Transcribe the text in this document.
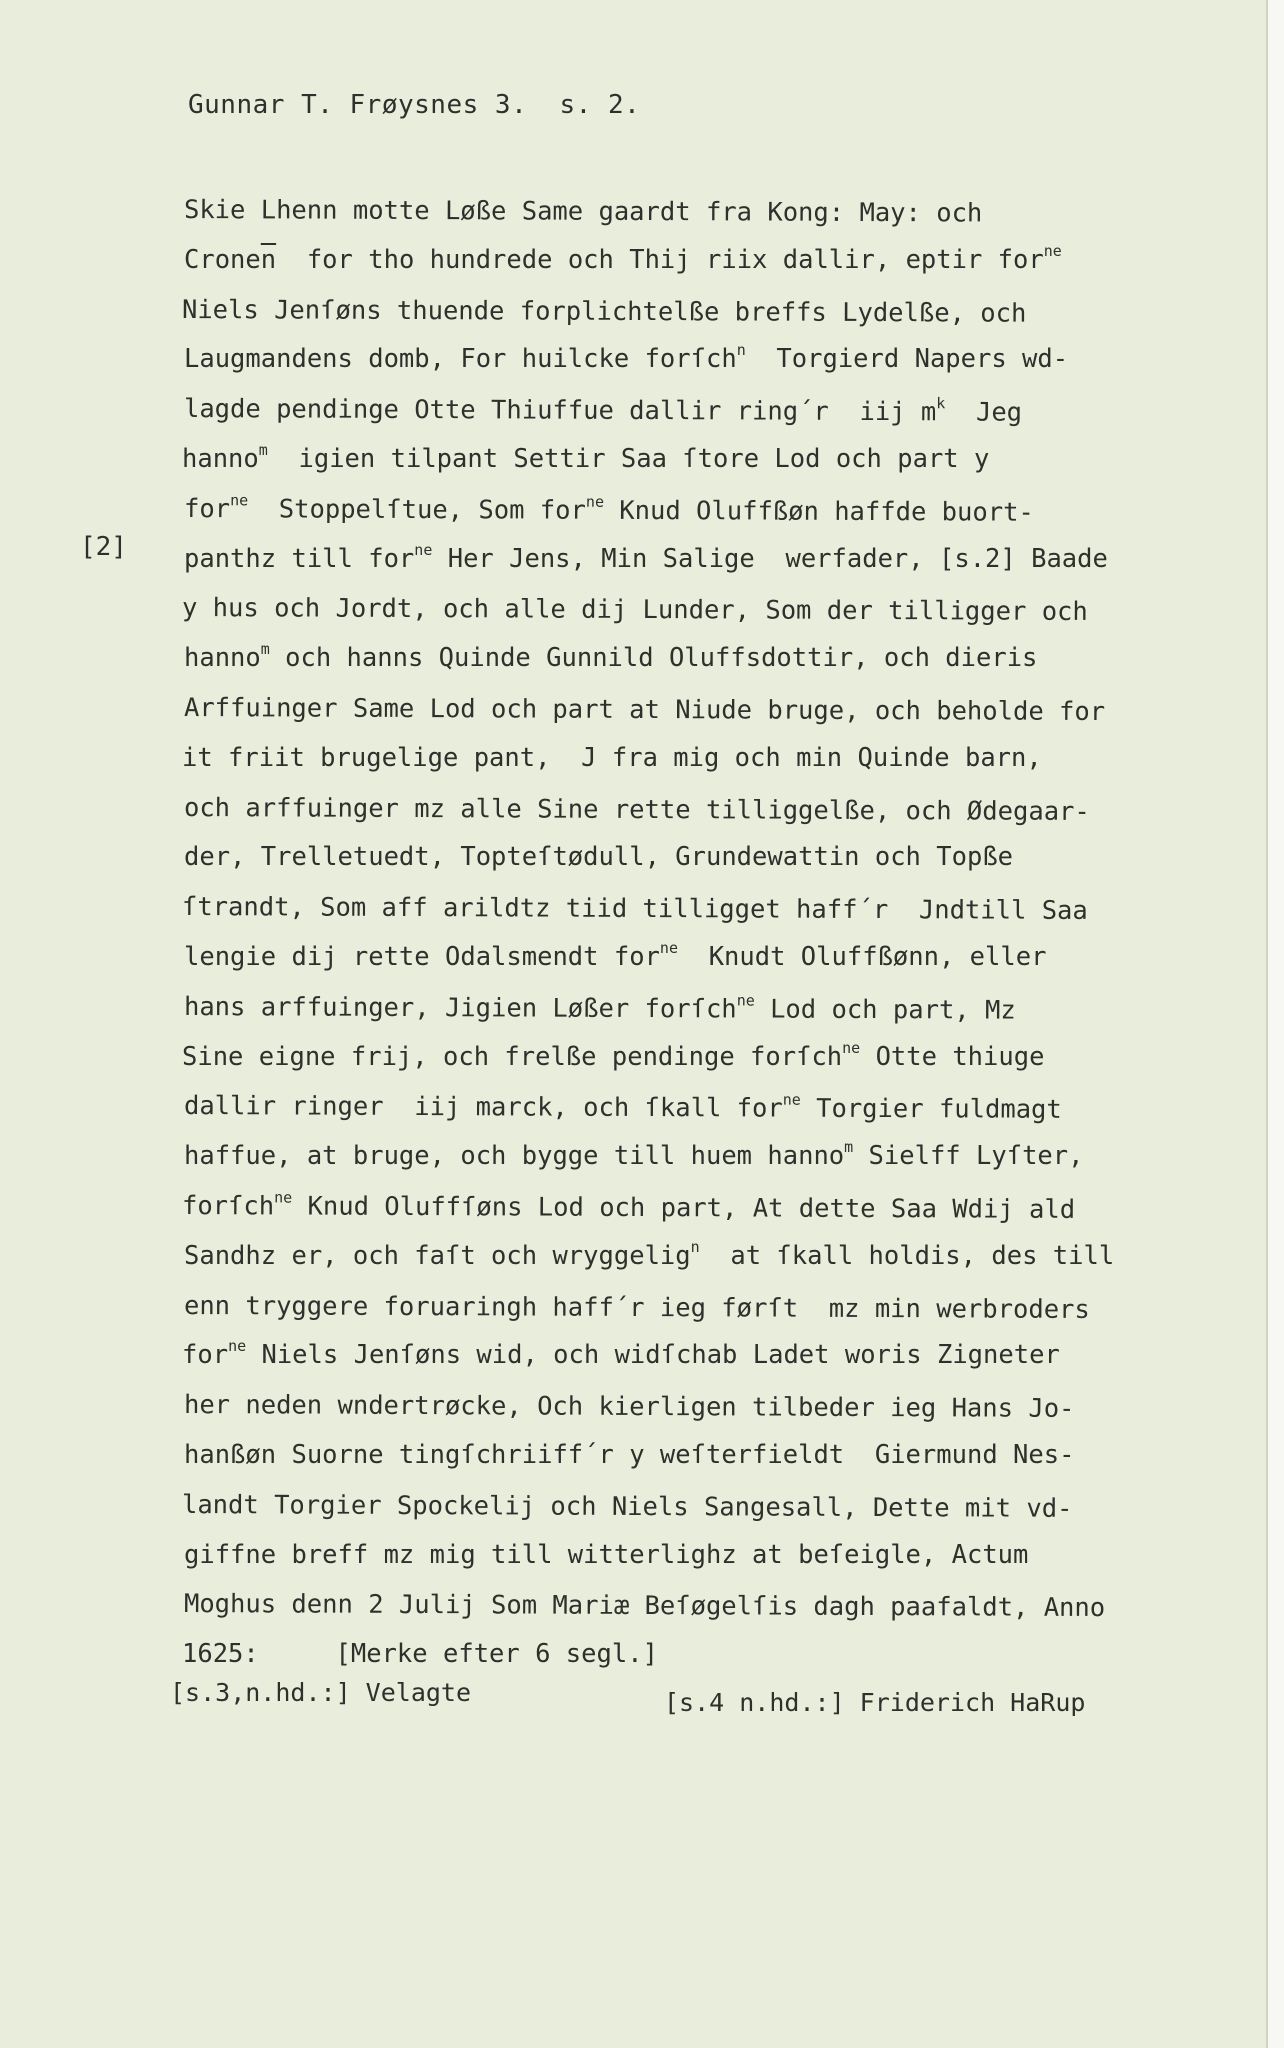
Gunnar T. Frøysnes 3.  s. 2.
[2]
Skie Lhenn motte Løße Same gaardt fra Kong: May: och
$Crone\overline{n}$  for tho hundrede och Thij riix dallir, eptir for$^{ne}$
Niels Jenſøns thuende forplichtelße breffs Lydelße, och
Laugmandens domb, For huilcke forſch$^n$  Torgierd Napers wd-
lagde pendinge Otte Thiuffue dallir ring´r  iij $m^k$  Jeg
hanno$^m$  igien tilpant Settir Saa ſtore Lod och part y
for$^{ne}$  Stoppelſtue, Som for$^{ne}$ Knud Oluffßøn haffde buort-
panthz till for$^{ne}$ Her Jens, Min Salige  werfader, [s.2] Baade
y hus och Jordt, och alle dij Lunder, Som der tilligger och
hanno$^m$ och hanns Quinde Gunnild Oluffsdottir, och dieris
Arffuinger Same Lod och part at Niude bruge, och beholde for
it friit brugelige pant,  J fra mig och min Quinde barn,
och arffuinger mz alle Sine rette tilliggelße, och Ødegaar-
der, Trelletuedt, Topteſtødull, Grundewattin och Topße
ſtrandt, Som aff arildtz tiid tilligget haff´r  Jndtill Saa
lengie dij rette Odalsmendt for$^{ne}$  Knudt Oluffßønn, eller
hans arffuinger, Jigien Løßer forſch$^{ne}$ Lod och part, Mz
Sine eigne frij, och frelße pendinge forſch$^{ne}$ Otte thiuge
dallir ringer  iij marck, och ſkall for$^{ne}$ Torgier fuldmagt
haffue, at bruge, och bygge till huem hanno$^m$ Sielff Lyſter,
forſch$^{ne}$ Knud Oluffſøns Lod och part, At dette Saa Wdij ald
Sandhz er, och faſt och wryggelig$^n$  at ſkall holdis, des till
enn tryggere foruaringh haff´r ieg førſt  mz min werbroders
for$^{ne}$ Niels Jenſøns wid, och widſchab Ladet woris Zigneter
her neden wndertrøcke, Och kierligen tilbeder ieg Hans Jo-
hanßøn Suorne tingſchriiff´r y weſterfieldt  Giermund Nes-
landt Torgier Spockelij och Niels Sangesall, Dette mit vd-
giffne breff mz mig till witterlighz at beſeigle, Actum
Moghus denn 2 Julij Som Mariæ Beſøgelſis dagh paafaldt, Anno
1625:     [Merke efter 6 segl.]
[s.3,n.hd.:] Velagte	[s.4 n.hd.:] Friderich HaRup
